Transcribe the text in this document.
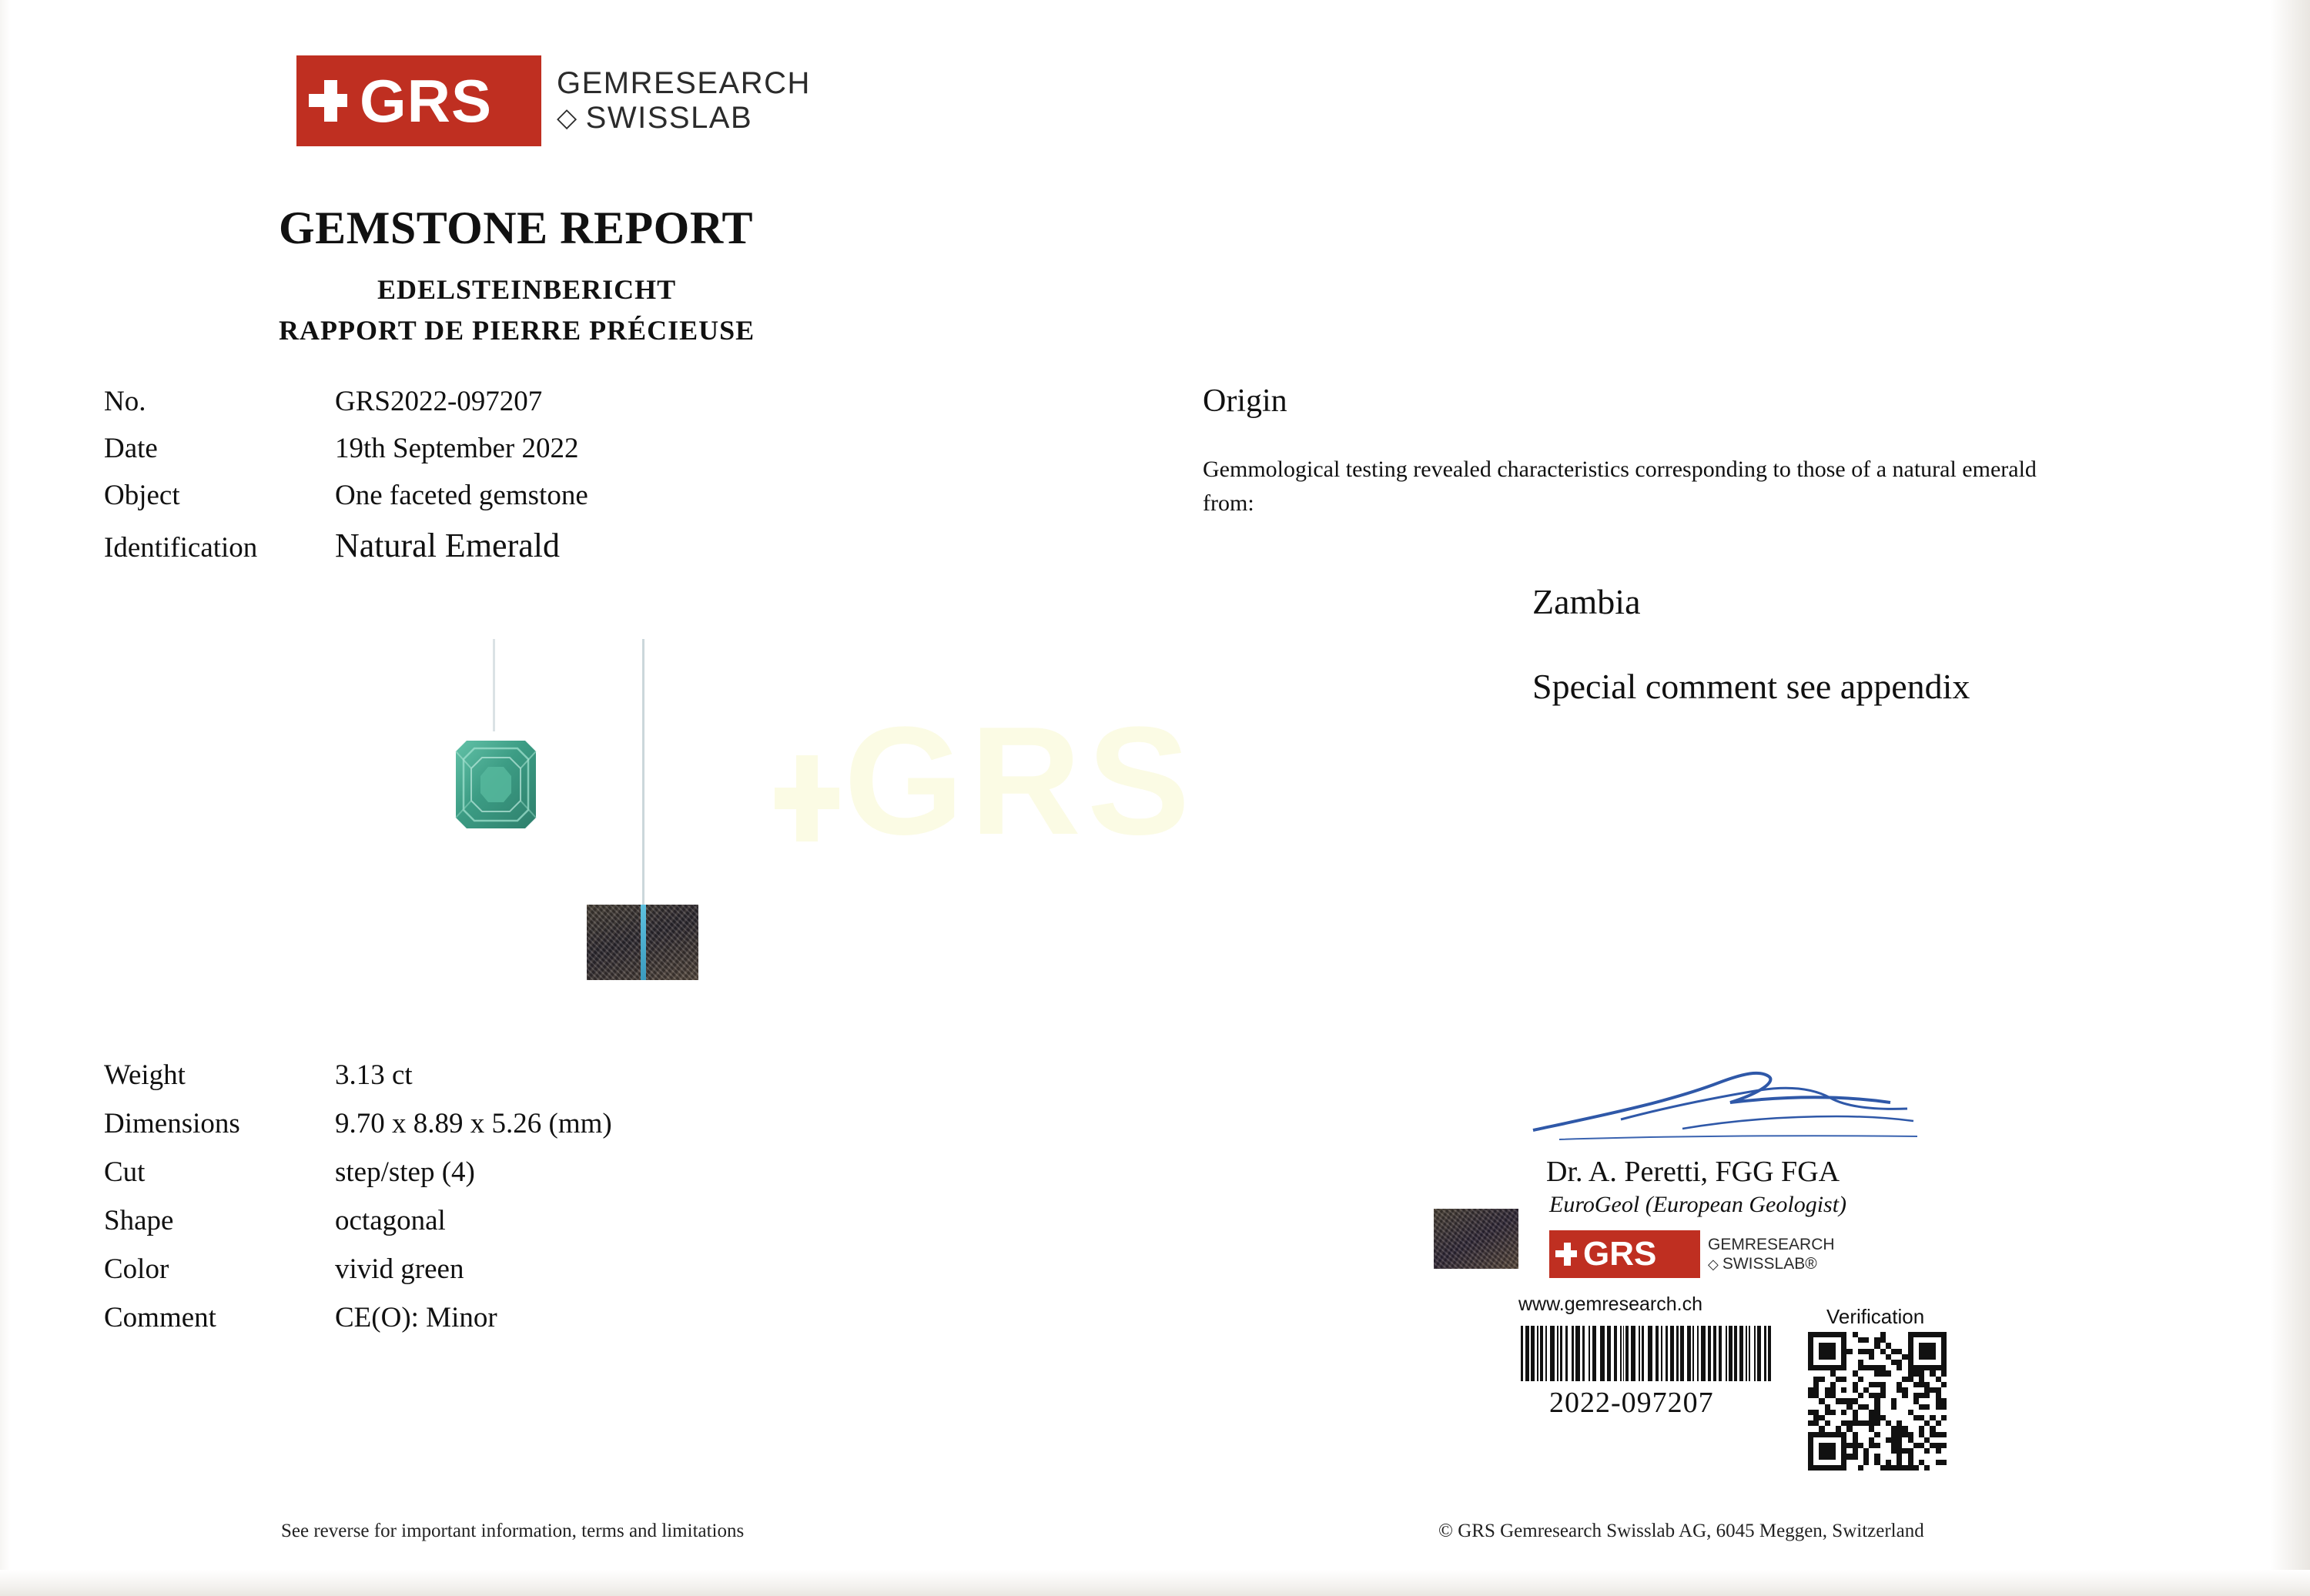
GRS
GRS GEMRESEARCH
◇ SWISSLAB
GEMSTONE REPORT
EDELSTEINBERICHT
RAPPORT DE PIERRE PRÉCIEUSE
No.	GRS2022-097207
Date	19th September 2022
Object	One faceted gemstone
Identification	Natural Emerald
Weight	3.13 ct
Dimensions	9.70 x 8.89 x 5.26 (mm)
Cut	step/step (4)
Shape	octagonal
Color	vivid green
Comment	CE(O): Minor
Origin
Gemmological testing revealed characteristics corresponding to those of a natural emerald from:
Zambia
Special comment see appendix
Dr. A. Peretti, FGG FGA
EuroGeol (European Geologist)
GRS	GEMRESEARCH
◇ SWISSLAB®
www.gemresearch.ch
2022-097207
Verification
See reverse for important information, terms and limitations	© GRS Gemresearch Swisslab AG, 6045 Meggen, Switzerland
